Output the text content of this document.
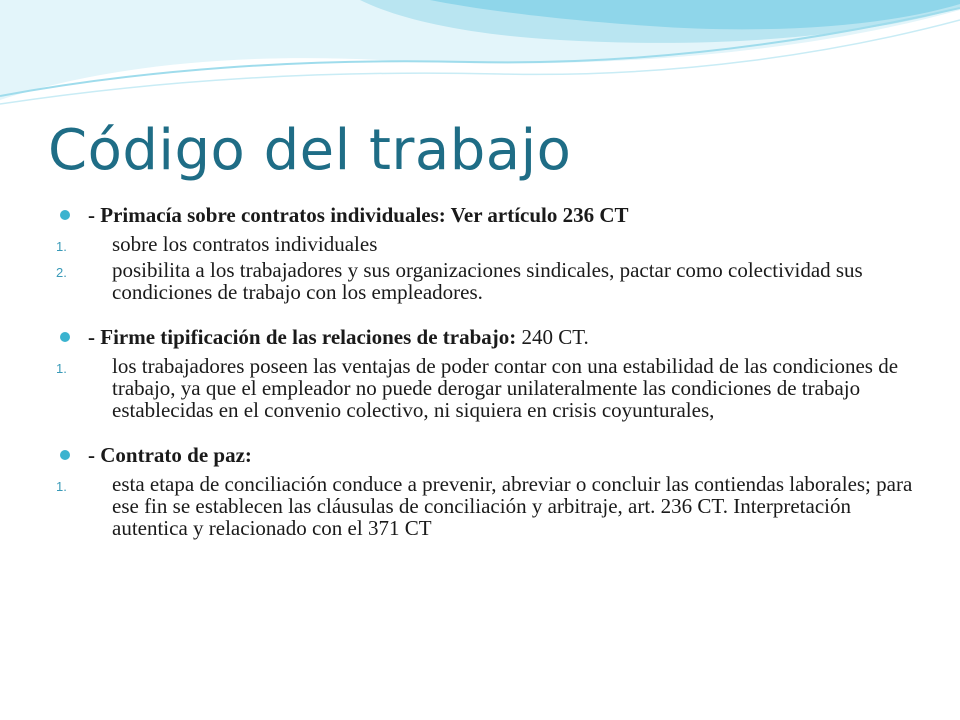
Código del trabajo
- Primacía sobre contratos individuales: Ver artículo 236 CT
1.	sobre los contratos individuales
2.	posibilita a los trabajadores y sus organizaciones sindicales, pactar como colectividad sus condiciones de trabajo con los empleadores.
- Firme tipificación de las relaciones de trabajo: 240 CT.
1.	los trabajadores poseen las ventajas de poder contar con una estabilidad de las condiciones de trabajo, ya que el empleador no puede derogar unilateralmente las condiciones de trabajo establecidas en el convenio colectivo, ni siquiera en crisis coyunturales,
- Contrato de paz:
1.	esta etapa de conciliación conduce a prevenir, abreviar o concluir las contiendas laborales; para ese fin se establecen las cláusulas de conciliación y arbitraje, art. 236 CT. Interpretación autentica y relacionado con el 371 CT
